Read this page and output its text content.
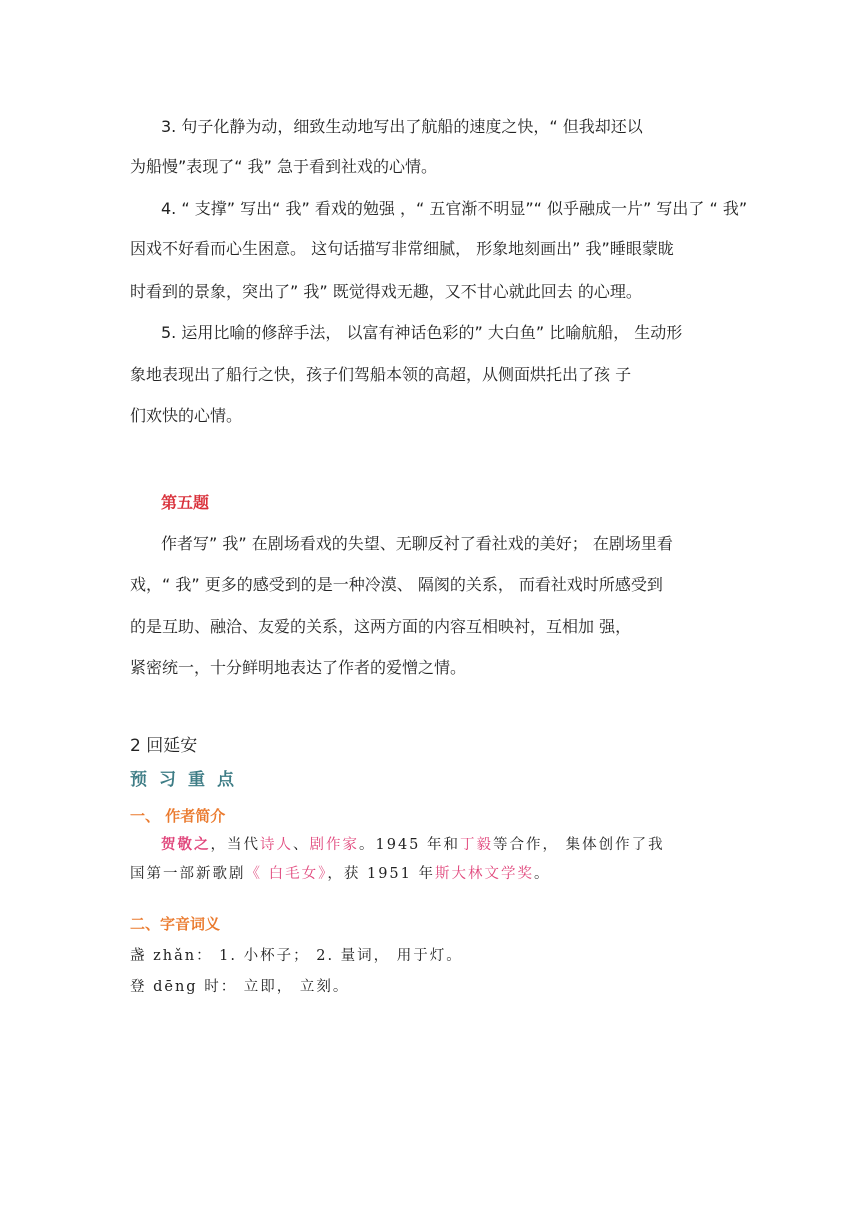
3. 句子化静为动，细致生动地写出了航船的速度之快，“ 但我却还以
为船慢”表现了“ 我” 急于看到社戏的心情。
4. “ 支撑” 写出“ 我” 看戏的勉强 ，“ 五官渐不明显”“ 似乎融成一片” 写出了 “ 我”
因戏不好看而心生困意。 这句话描写非常细腻， 形象地刻画出” 我”睡眼蒙眬
时看到的景象，突出了” 我” 既觉得戏无趣，又不甘心就此回去 的心理。
5. 运用比喻的修辞手法， 以富有神话色彩的” 大白鱼” 比喻航船， 生动形
象地表现出了船行之快，孩子们驾船本领的高超，从侧面烘托出了孩 子
们欢快的心情。
第五题
作者写” 我” 在剧场看戏的失望、无聊反衬了看社戏的美好； 在剧场里看
戏，“ 我” 更多的感受到的是一种冷漠、 隔阂的关系， 而看社戏时所感受到
的是互助、融洽、友爱的关系，这两方面的内容互相映衬，互相加 强，
紧密统一，十分鲜明地表达了作者的爱憎之情。
2 回延安
预习重点
一、 作者简介
贺敬之，当代诗人、剧作家。1945 年和丁毅等合作， 集体创作了我
国第一部新歌剧《 白毛女》，获 1951 年斯大林文学奖。
二、字音词义
盏 zhǎn： 1. 小杯子； 2. 量词， 用于灯。
登 dēng 时： 立即， 立刻。
